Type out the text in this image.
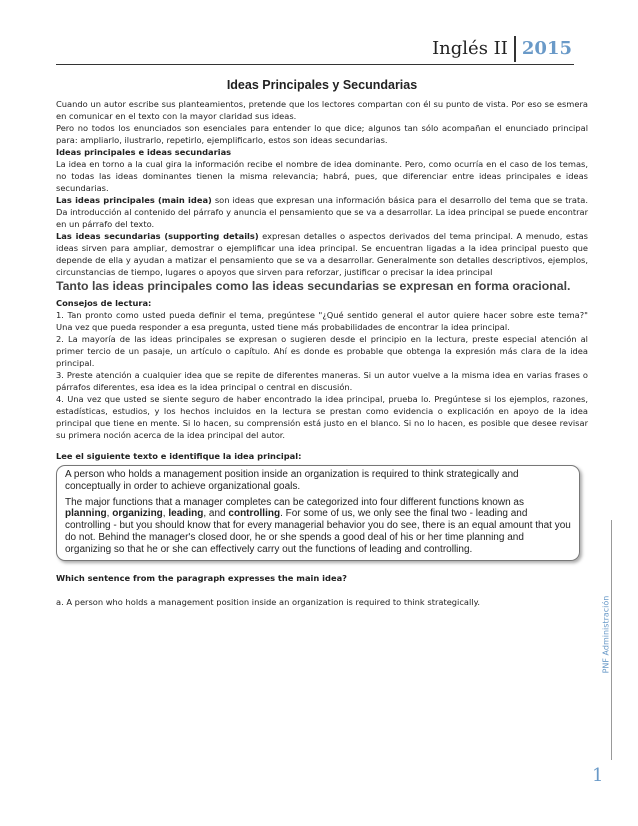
Inglés II 2015
PNF Administración
1
Ideas Principales y Secundarias

Cuando un autor escribe sus planteamientos, pretende que los lectores compartan con él su punto de vista. Por eso se esmera en comunicar en el texto con la mayor claridad sus ideas.

Pero no todos los enunciados son esenciales para entender lo que dice; algunos tan sólo acompañan el enunciado principal para: ampliarlo, ilustrarlo, repetirlo, ejemplificarlo, estos son ideas secundarias.

Ideas principales e ideas secundarias

La idea en torno a la cual gira la información recibe el nombre de idea dominante. Pero, como ocurría en el caso de los temas, no todas las ideas dominantes tienen la misma relevancia; habrá, pues, que diferenciar entre ideas principales e ideas secundarias.

Las ideas principales (main idea) son ideas que expresan una información básica para el desarrollo del tema que se trata. Da introducción al contenido del párrafo y anuncia el pensamiento que se va a desarrollar. La idea principal se puede encontrar en un párrafo del texto.

Las ideas secundarias (supporting details) expresan detalles o aspectos derivados del tema principal. A menudo, estas ideas sirven para ampliar, demostrar o ejemplificar una idea principal. Se encuentran ligadas a la idea principal puesto que depende de ella y ayudan a matizar el pensamiento que se va a desarrollar. Generalmente son detalles descriptivos, ejemplos, circunstancias de tiempo, lugares o apoyos que sirven para reforzar, justificar o precisar la idea principal

Tanto las ideas principales como las ideas secundarias se expresan en forma oracional.

Consejos de lectura:

1. Tan pronto como usted pueda definir el tema, pregúntese "¿Qué sentido general el autor quiere hacer sobre este tema?" Una vez que pueda responder a esa pregunta, usted tiene más probabilidades de encontrar la idea principal.

2. La mayoría de las ideas principales se expresan o sugieren desde el principio en la lectura, preste especial atención al primer tercio de un pasaje, un artículo o capítulo. Ahí es donde es probable que obtenga la expresión más clara de la idea principal.

3. Preste atención a cualquier idea que se repite de diferentes maneras. Si un autor vuelve a la misma idea en varias frases o párrafos diferentes, esa idea es la idea principal o central en discusión.

4. Una vez que usted se siente seguro de haber encontrado la idea principal, prueba lo. Pregúntese si los ejemplos, razones, estadísticas, estudios, y los hechos incluidos en la lectura se prestan como evidencia o explicación en apoyo de la idea principal que tiene en mente. Si lo hacen, su comprensión está justo en el blanco. Si no lo hacen, es posible que desee revisar su primera noción acerca de la idea principal del autor.

Lee el siguiente texto e identifique la idea principal:

A person who holds a management position inside an organization is required to think strategically and conceptually in order to achieve organizational goals.

The major functions that a manager completes can be categorized into four different functions known as planning, organizing, leading, and controlling. For some of us, we only see the final two - leading and controlling - but you should know that for every managerial behavior you do see, there is an equal amount that you do not. Behind the manager's closed door, he or she spends a good deal of his or her time planning and organizing so that he or she can effectively carry out the functions of leading and controlling.

Which sentence from the paragraph expresses the main idea?

a. A person who holds a management position inside an organization is required to think strategically.
